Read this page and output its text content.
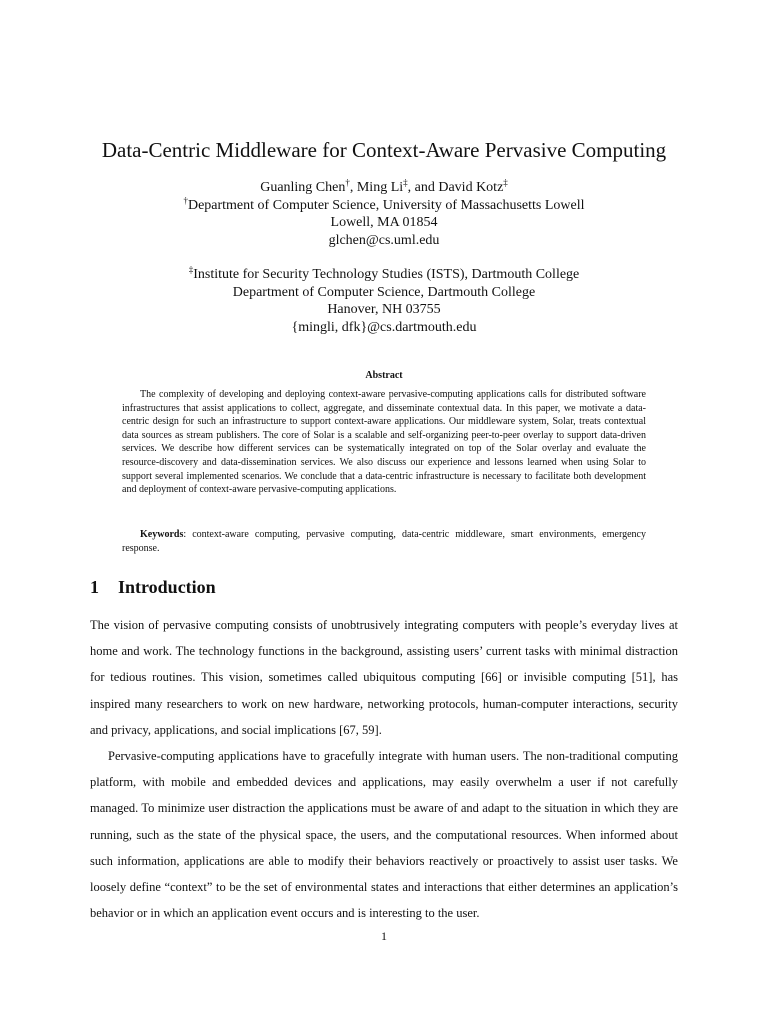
Data-Centric Middleware for Context-Aware Pervasive Computing
Guanling Chen†, Ming Li‡, and David Kotz‡
†Department of Computer Science, University of Massachusetts Lowell
Lowell, MA 01854
glchen@cs.uml.edu
‡Institute for Security Technology Studies (ISTS), Dartmouth College
Department of Computer Science, Dartmouth College
Hanover, NH 03755
{mingli, dfk}@cs.dartmouth.edu
Abstract

The complexity of developing and deploying context-aware pervasive-computing applications calls for distributed software infrastructures that assist applications to collect, aggregate, and disseminate contextual data. In this paper, we motivate a data-centric design for such an infrastructure to support context-aware applications. Our middleware system, Solar, treats contextual data sources as stream publishers. The core of Solar is a scalable and self-organizing peer-to-peer overlay to support data-driven services. We describe how different services can be systematically integrated on top of the Solar overlay and evaluate the resource-discovery and data-dissemination services. We also discuss our experience and lessons learned when using Solar to support several implemented scenarios. We conclude that a data-centric infrastructure is necessary to facilitate both development and deployment of context-aware pervasive-computing applications.

Keywords: context-aware computing, pervasive computing, data-centric middleware, smart environments, emergency response.

1 Introduction

The vision of pervasive computing consists of unobtrusively integrating computers with people’s everyday lives at home and work. The technology functions in the background, assisting users’ current tasks with minimal distraction for tedious routines. This vision, sometimes called ubiquitous computing [66] or invisible computing [51], has inspired many researchers to work on new hardware, networking protocols, human-computer interactions, security and privacy, applications, and social implications [67, 59].

Pervasive-computing applications have to gracefully integrate with human users. The non-traditional computing platform, with mobile and embedded devices and applications, may easily overwhelm a user if not carefully managed. To minimize user distraction the applications must be aware of and adapt to the situation in which they are running, such as the state of the physical space, the users, and the computational resources. When informed about such information, applications are able to modify their behaviors reactively or proactively to assist user tasks. We loosely define “context” to be the set of environmental states and interactions that either determines an application’s behavior or in which an application event occurs and is interesting to the user.

1
